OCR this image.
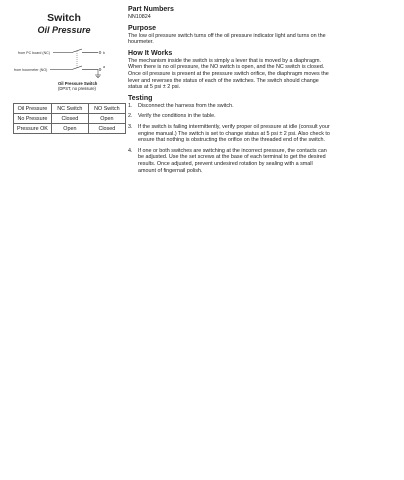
Switch

Oil Pressure

from PC board (NC)	b
from hourmeter (NO)
a
Oil Pressure Switch
(DPST, no pressure)
Oil Pressure	NC Switch	NO Switch
No Pressure	Closed	Open
Pressure OK	Open	Closed
Part Numbers

NN10824

Purpose

The low oil pressure switch turns off the oil pressure indicator light and turns on the hourmeter.

How It Works

The mechanism inside the switch is simply a lever that is moved by a diaphragm. When there is no oil pressure, the NO switch is open, and the NC switch is closed. Once oil pressure is present at the pressure switch orifice, the diaphragm moves the lever and reverses the status of each of the switches. The switch should change status at 5 psi ± 2 psi.

Testing
1.	Disconnect the harness from the switch.
2.	Verify the conditions in the table.
3.	If the switch is failing intermittently, verify proper oil pressure at idle (consult your engine manual.) The switch is set to change status at 5 psi ± 2 psi. Also check to ensure that nothing is obstructing the orifice on the threaded end of the switch.
4.	If one or both switches are switching at the incorrect pressure, the contacts can be adjusted. Use the set screws at the base of each terminal to get the desired results. Once adjusted, prevent undesired rotation by sealing with a small amount of fingernail polish.
